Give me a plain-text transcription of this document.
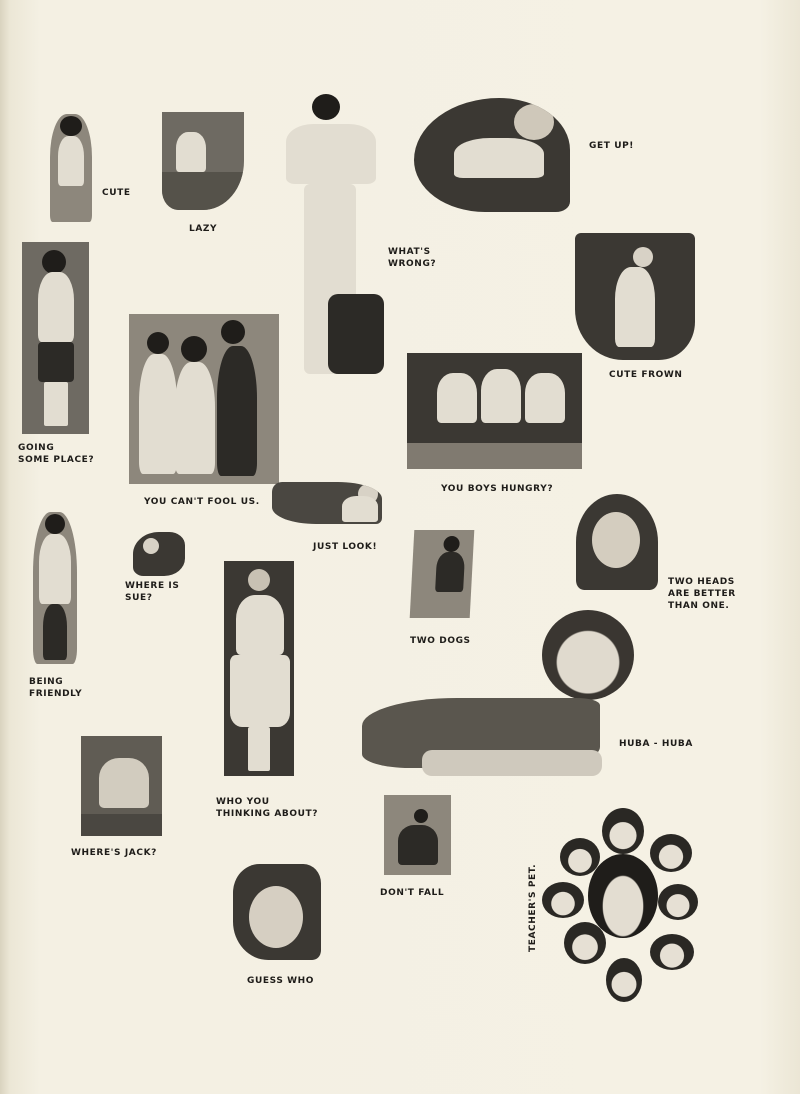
CUTE
LAZY
WHAT'S
WRONG?
GET UP!
GOING
SOME PLACE?
YOU CAN'T FOOL US.
YOU BOYS HUNGRY?
CUTE FROWN
JUST LOOK!
WHERE IS
SUE?
TWO DOGS
TWO HEADS
ARE BETTER
THAN ONE.
BEING
FRIENDLY
WHO YOU
THINKING ABOUT?
HUBA - HUBA
WHERE'S JACK?
DON'T FALL
GUESS WHO
TEACHER'S PET.
